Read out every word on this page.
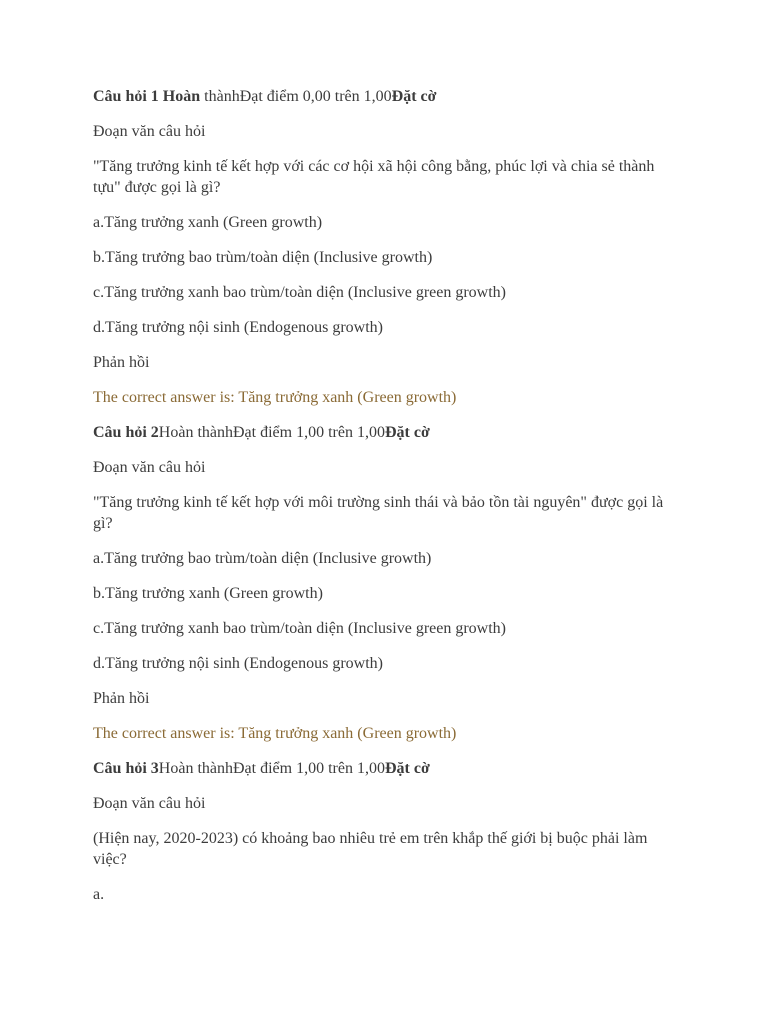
Câu hỏi 1 Hoàn thànhĐạt điểm 0,00 trên 1,00Đặt cờ

Đoạn văn câu hỏi

"Tăng trưởng kinh tế kết hợp với các cơ hội xã hội công bằng, phúc lợi và chia sẻ thành tựu" được gọi là gì?

a.Tăng trưởng xanh (Green growth)

b.Tăng trưởng bao trùm/toàn diện (Inclusive growth)

c.Tăng trưởng xanh bao trùm/toàn diện (Inclusive green growth)

d.Tăng trưởng nội sinh (Endogenous growth)

Phản hồi

The correct answer is: Tăng trưởng xanh (Green growth)

Câu hỏi 2Hoàn thànhĐạt điểm 1,00 trên 1,00Đặt cờ

Đoạn văn câu hỏi

"Tăng trưởng kinh tế kết hợp với môi trường sinh thái và bảo tồn tài nguyên" được gọi là gì?

a.Tăng trưởng bao trùm/toàn diện (Inclusive growth)

b.Tăng trưởng xanh (Green growth)

c.Tăng trưởng xanh bao trùm/toàn diện (Inclusive green growth)

d.Tăng trưởng nội sinh (Endogenous growth)

Phản hồi

The correct answer is: Tăng trưởng xanh (Green growth)

Câu hỏi 3Hoàn thànhĐạt điểm 1,00 trên 1,00Đặt cờ

Đoạn văn câu hỏi

(Hiện nay, 2020-2023) có khoảng bao nhiêu trẻ em trên khắp thế giới bị buộc phải làm việc?

a.
